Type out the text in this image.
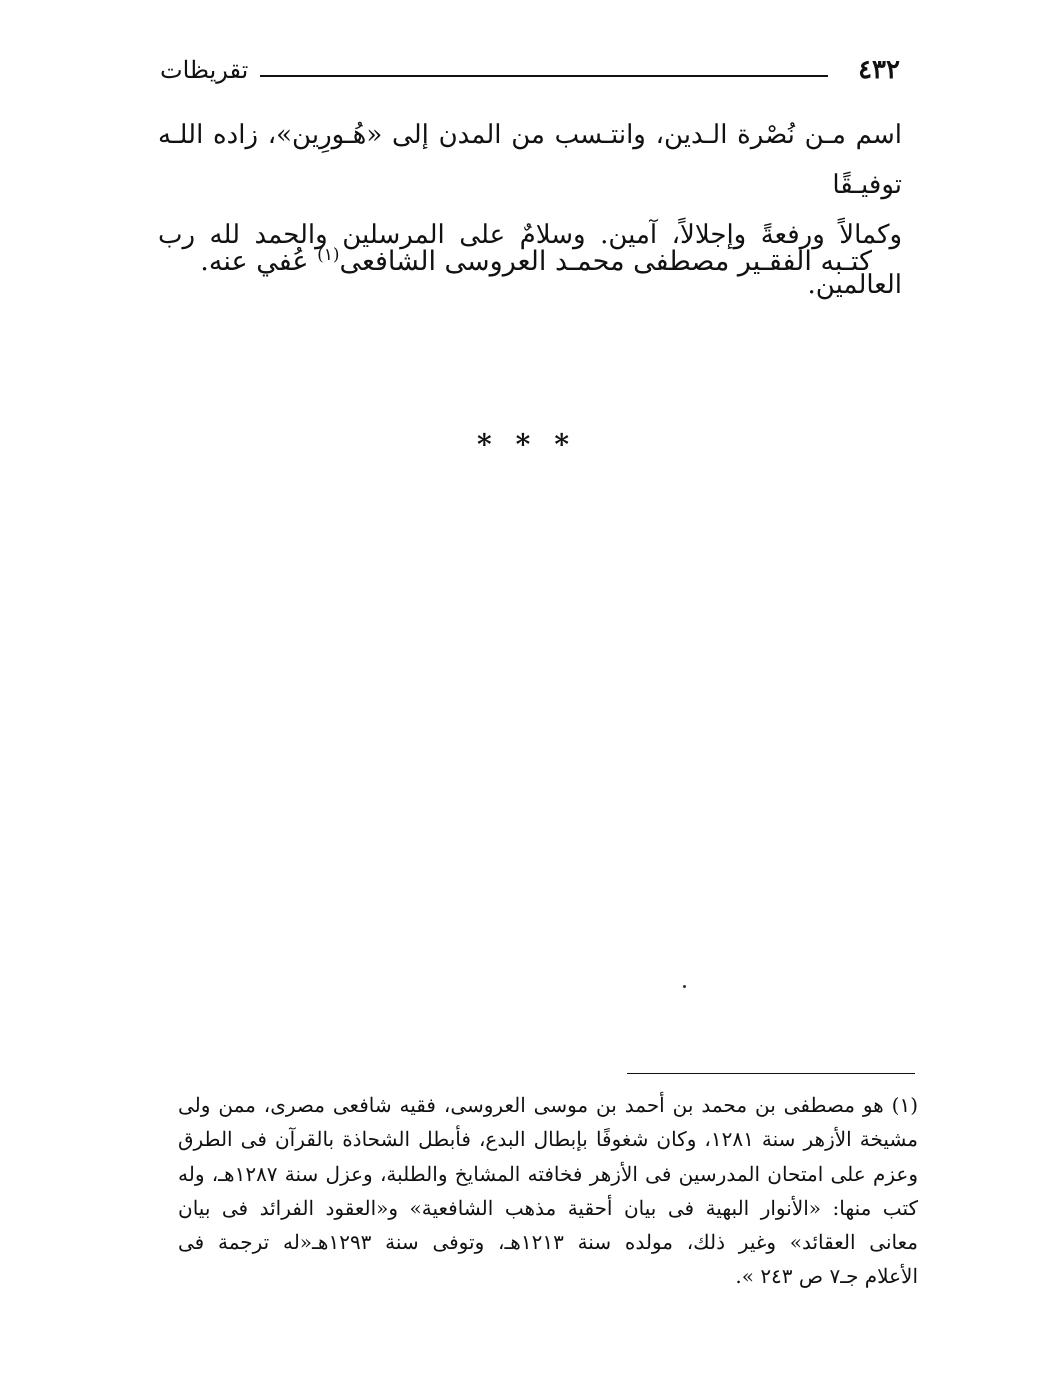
٤٣٢
تقريظات
اسم مـن نُصْرة الـدين، وانتـسب من المدن إلى «هُـورِين»، زاده اللـه توفيـقًا
وكمالاً ورفعةً وإجلالاً، آمين. وسلامٌ على المرسلين والحمد لله رب العالمين.
كتـبه الفقـير مصطفى محمـد العروسى الشافعى$^{(١)}$ عُفي عنه.
***
(١) هو مصطفى بن محمد بن أحمد بن موسى العروسى، فقيه شافعى مصرى، ممن ولى
مشيخة الأزهر سنة ١٢٨١، وكان شغوفًا بإبطال البدع، فأبطل الشحاذة بالقرآن فى الطرق
وعزم على امتحان المدرسين فى الأزهر فخافته المشايخ والطلبة، وعزل سنة ١٢٨٧هـ، وله
كتب منها: «الأنوار البهية فى بيان أحقية مذهب الشافعية» و«العقود الفرائد فى بيان
معانى العقائد» وغير ذلك، مولده سنة ١٢١٣هـ، وتوفى سنة ١٢٩٣هـ«له ترجمة فى
الأعلام جـ٧ ص ٢٤٣ ».
